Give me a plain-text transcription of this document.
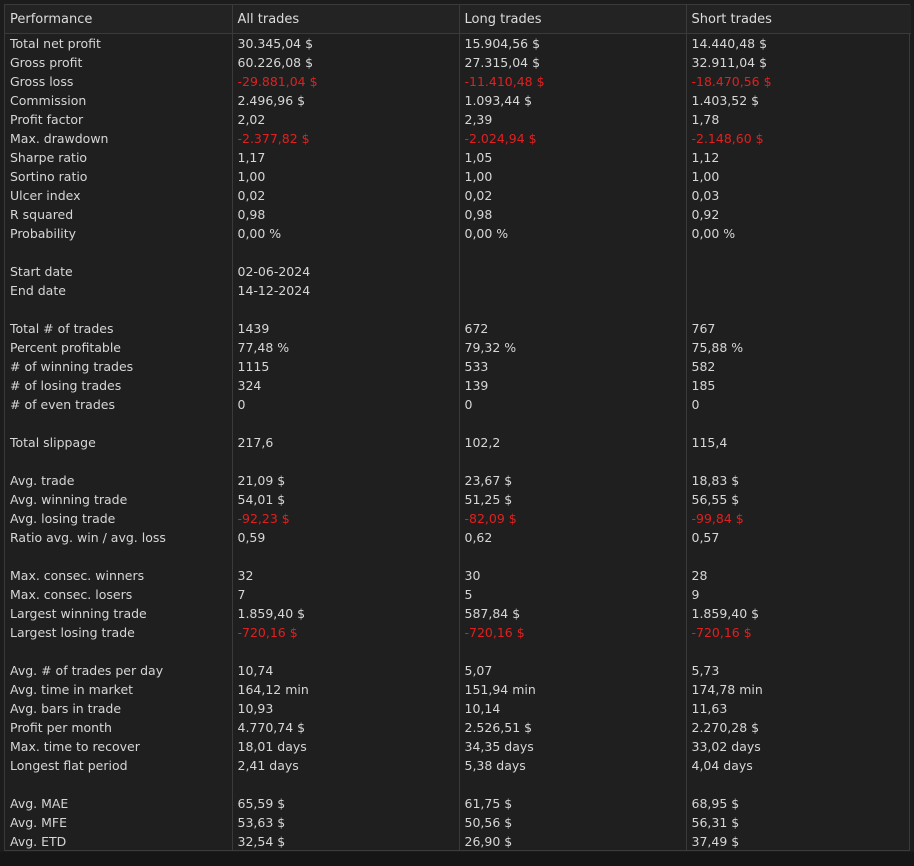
Performance	All trades	Long trades	Short trades
Total net profit	30.345,04 $	15.904,56 $	14.440,48 $
Gross profit	60.226,08 $	27.315,04 $	32.911,04 $
Gross loss	-29.881,04 $	-11.410,48 $	-18.470,56 $
Commission	2.496,96 $	1.093,44 $	1.403,52 $
Profit factor	2,02	2,39	1,78
Max. drawdown	-2.377,82 $	-2.024,94 $	-2.148,60 $
Sharpe ratio	1,17	1,05	1,12
Sortino ratio	1,00	1,00	1,00
Ulcer index	0,02	0,02	0,03
R squared	0,98	0,98	0,92
Probability	0,00 %	0,00 %	0,00 %

Start date	02-06-2024		
End date	14-12-2024		

Total # of trades	1439	672	767
Percent profitable	77,48 %	79,32 %	75,88 %
# of winning trades	1115	533	582
# of losing trades	324	139	185
# of even trades	0	0	0

Total slippage	217,6	102,2	115,4

Avg. trade	21,09 $	23,67 $	18,83 $
Avg. winning trade	54,01 $	51,25 $	56,55 $
Avg. losing trade	-92,23 $	-82,09 $	-99,84 $
Ratio avg. win / avg. loss	0,59	0,62	0,57

Max. consec. winners	32	30	28
Max. consec. losers	7	5	9
Largest winning trade	1.859,40 $	587,84 $	1.859,40 $
Largest losing trade	-720,16 $	-720,16 $	-720,16 $

Avg. # of trades per day	10,74	5,07	5,73
Avg. time in market	164,12 min	151,94 min	174,78 min
Avg. bars in trade	10,93	10,14	11,63
Profit per month	4.770,74 $	2.526,51 $	2.270,28 $
Max. time to recover	18,01 days	34,35 days	33,02 days
Longest flat period	2,41 days	5,38 days	4,04 days

Avg. MAE	65,59 $	61,75 $	68,95 $
Avg. MFE	53,63 $	50,56 $	56,31 $
Avg. ETD	32,54 $	26,90 $	37,49 $
